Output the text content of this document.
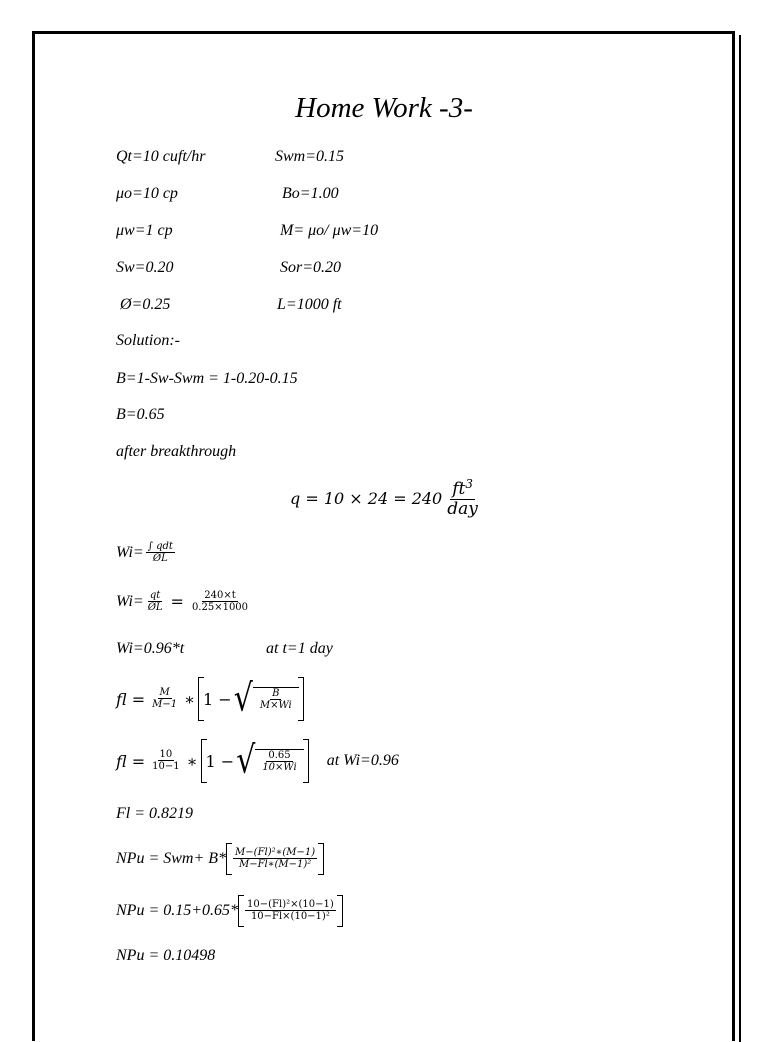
Home Work -3-
Qt=10 cuft/hr	Swm=0.15
μo=10 cp	Bo=1.00
μw=1 cp	M= μo/ μw=10
Sw=0.20	Sor=0.20
Ø=0.25	L=1000 ft
Solution:-
B=1-Sw-Swm = 1-0.20-0.15
B=0.65
after breakthrough
$q = 10 \times 24 = 240 \frac{ft^3}{\text{day}}$
$Wi= \frac{\text{∫ qdt}}{ØL}$
$Wi= \frac{qt}{ØL} = \frac{240\times t}{0.25\times 1000}$
Wi=0.96*t	at t=1 day
fl = $\frac{M}{M-1}$ ∗ 1 − √ $\frac{B}{M\times Wi}$
fl = $\frac{10}{10-1}$ ∗ 1 − √ $\frac{0.65}{10\times Wi}$ at Wi=0.96
Fl = 0.8219
NPu = $Swm+ B* \frac{\text{M−(Fl)²∗(M−1)}}{\text{M−Fl∗(M−1)²}}$
NPu = $0.15+0.65* \frac{\text{10−(Fl)²×(10−1)}}{\text{10−Fl×(10−1)²}}$
NPu = 0.10498
